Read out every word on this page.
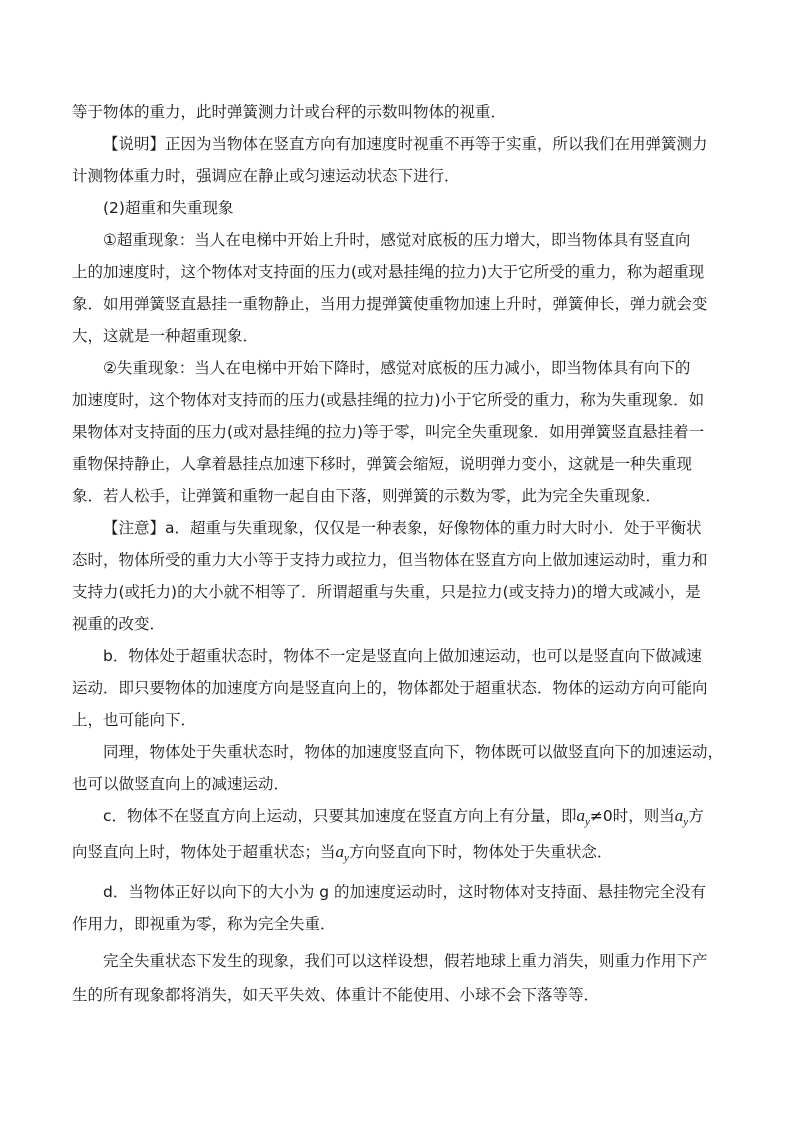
等于物体的重力，此时弹簧测力计或台秤的示数叫物体的视重．
【说明】正因为当物体在竖直方向有加速度时视重不再等于实重，所以我们在用弹簧测力
计测物体重力时，强调应在静止或匀速运动状态下进行．
(2)超重和失重现象
①超重现象：当人在电梯中开始上升时，感觉对底板的压力增大，即当物体具有竖直向
上的加速度时，这个物体对支持面的压力(或对悬挂绳的拉力)大于它所受的重力，称为超重现
象．如用弹簧竖直悬挂一重物静止，当用力提弹簧使重物加速上升时，弹簧伸长，弹力就会变
大，这就是一种超重现象．
②失重现象：当人在电梯中开始下降时，感觉对底板的压力减小，即当物体具有向下的
加速度时，这个物体对支持而的压力(或悬挂绳的拉力)小于它所受的重力，称为失重现象．如
果物体对支持面的压力(或对悬挂绳的拉力)等于零，叫完全失重现象．如用弹簧竖直悬挂着一
重物保持静止，人拿着悬挂点加速下移时，弹簧会缩短，说明弹力变小，这就是一种失重现
象．若人松手，让弹簧和重物一起自由下落，则弹簧的示数为零，此为完全失重现象．
【注意】a．超重与失重现象，仅仅是一种表象，好像物体的重力时大时小．处于平衡状
态时，物体所受的重力大小等于支持力或拉力，但当物体在竖直方向上做加速运动时，重力和
支持力(或托力)的大小就不相等了．所谓超重与失重，只是拉力(或支持力)的增大或减小，是
视重的改变．
b．物体处于超重状态时，物体不一定是竖直向上做加速运动，也可以是竖直向下做减速
运动．即只要物体的加速度方向是竖直向上的，物体都处于超重状态．物体的运动方向可能向
上，也可能向下．
同理，物体处于失重状态时，物体的加速度竖直向下，物体既可以做竖直向下的加速运动，
也可以做竖直向上的减速运动．
c．物体不在竖直方向上运动，只要其加速度在竖直方向上有分量，即$a_y\ne 0$时，则当$a_y$方
向竖直向上时，物体处于超重状态；当$a_y$方向竖直向下时，物体处于失重状念．
d．当物体正好以向下的大小为 g 的加速度运动时，这时物体对支持面、悬挂物完全没有
作用力，即视重为零，称为完全失重．
完全失重状态下发生的现象，我们可以这样设想，假若地球上重力消失，则重力作用下产
生的所有现象都将消失，如天平失效、体重计不能使用、小球不会下落等等．
